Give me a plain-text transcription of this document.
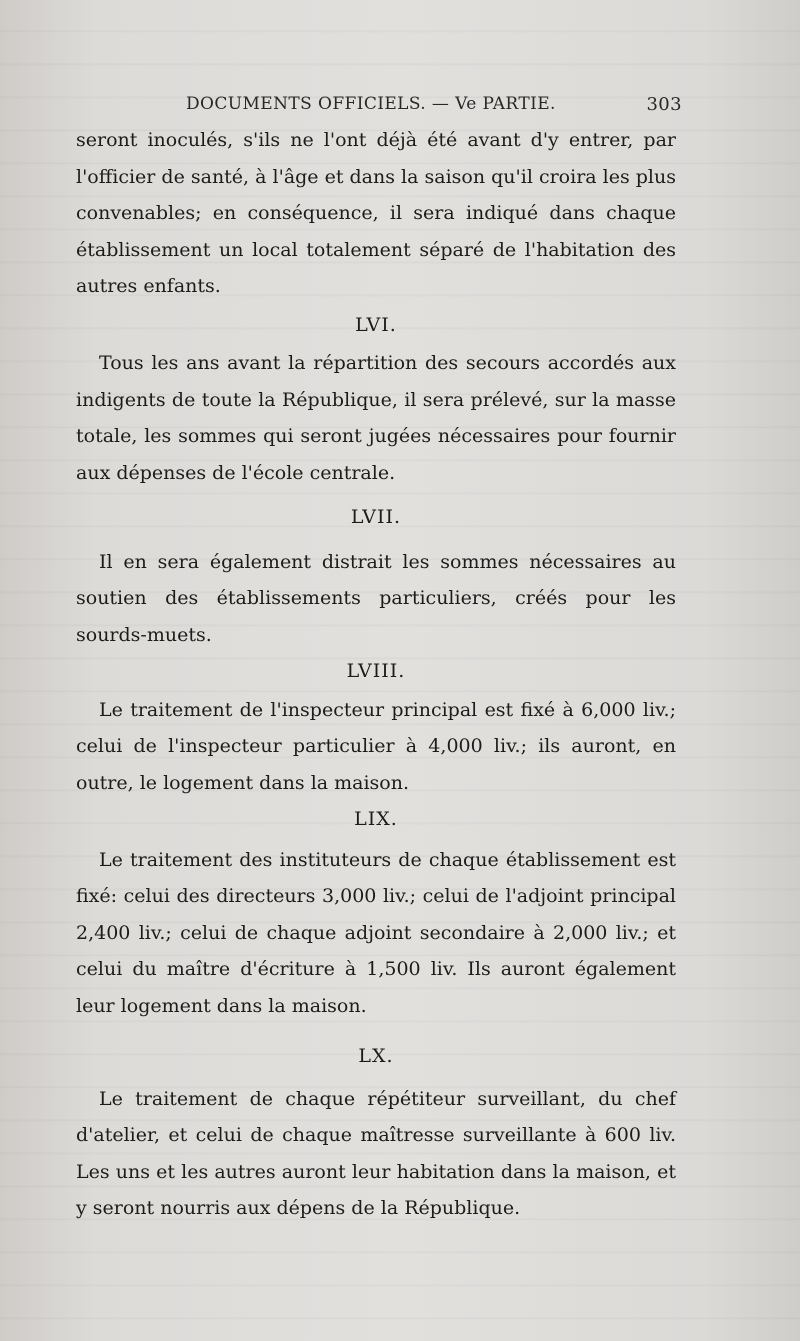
DOCUMENTS OFFICIELS. — Ve PARTIE.	303

seront inoculés, s'ils ne l'ont déjà été avant d'y entrer, par l'officier de santé, à l'âge et dans la saison qu'il croira les plus convenables; en conséquence, il sera indiqué dans chaque établissement un local totalement séparé de l'habitation des autres enfants.

LVI.

Tous les ans avant la répartition des secours accordés aux indigents de toute la République, il sera prélevé, sur la masse totale, les sommes qui seront jugées nécessaires pour fournir aux dépenses de l'école centrale.

LVII.

Il en sera également distrait les sommes nécessaires au soutien des établissements particuliers, créés pour les sourds-muets.

LVIII.

Le traitement de l'inspecteur principal est fixé à 6,000 liv.; celui de l'inspecteur particulier à 4,000 liv.; ils auront, en outre, le logement dans la maison.

LIX.

Le traitement des instituteurs de chaque établissement est fixé: celui des directeurs 3,000 liv.; celui de l'adjoint principal 2,400 liv.; celui de chaque adjoint secondaire à 2,000 liv.; et celui du maître d'écriture à 1,500 liv. Ils auront également leur logement dans la maison.

LX.

Le traitement de chaque répétiteur surveillant, du chef d'atelier, et celui de chaque maîtresse surveillante à 600 liv. Les uns et les autres auront leur habitation dans la maison, et y seront nourris aux dépens de la République.
